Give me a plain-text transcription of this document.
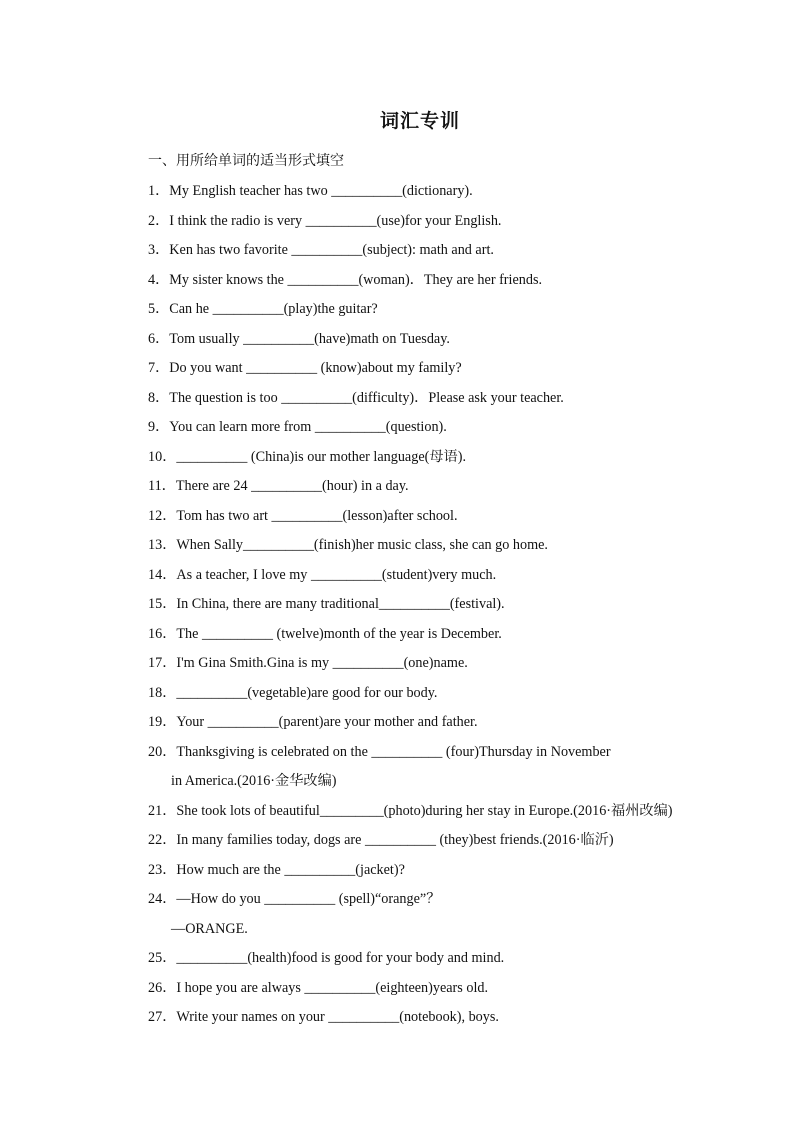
词汇专训
一、用所给单词的适当形式填空
1．My English teacher has two __________(dictionary).
2．I think the radio is very __________(use)for your English.
3．Ken has two favorite __________(subject): math and art.
4．My sister knows the __________(woman)．They are her friends.
5．Can he __________(play)the guitar?
6．Tom usually __________(have)math on Tuesday.
7．Do you want __________ (know)about my family?
8．The question is too __________(difficulty)．Please ask your teacher.
9．You can learn more from __________(question).
10．__________ (China)is our mother language(母语).
11．There are 24 __________(hour) in a day.
12．Tom has two art __________(lesson)after school.
13．When Sally__________(finish)her music class, she can go home.
14．As a teacher, I love my __________(student)very much.
15．In China, there are many traditional__________(festival).
16．The __________ (twelve)month of the year is December.
17．I'm Gina Smith.Gina is my __________(one)name.
18．__________(vegetable)are good for our body.
19．Your __________(parent)are your mother and father.
20．Thanksgiving is celebrated on the __________ (four)Thursday in November
in America.(2016·金华改编)
21．She took lots of beautiful_________(photo)during her stay in Europe.(2016·福州改编)
22．In many families today, dogs are __________ (they)best friends.(2016·临沂)
23．How much are the __________(jacket)?
24．—How do you __________ (spell)“orange”？
—ORANGE.
25．__________(health)food is good for your body and mind.
26．I hope you are always __________(eighteen)years old.
27．Write your names on your __________(notebook), boys.
